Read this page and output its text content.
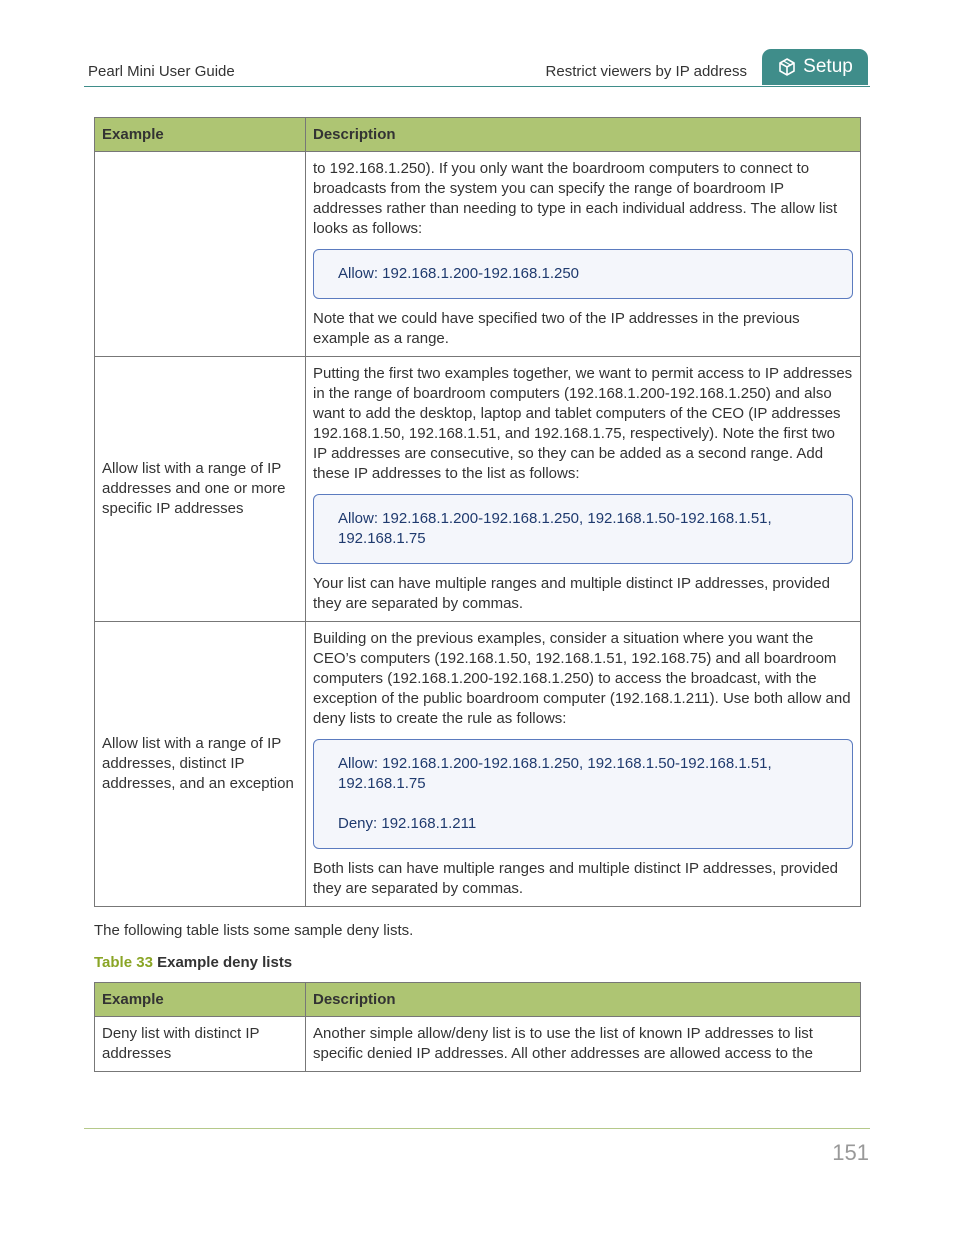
Pearl Mini User Guide	Restrict viewers by IP address	Setup
Example	Description

	to 192.168.1.250). If you only want the boardroom computers to connect to broadcasts from the system you can specify the range of boardroom IP addresses rather than needing to type in each individual address. The allow list looks as follows:

Allow: 192.168.1.200-192.168.1.250

Note that we could have specified two of the IP addresses in the previous example as a range.

Allow list with a range of IP addresses and one or more specific IP addresses	Putting the first two examples together, we want to permit access to IP addresses in the range of boardroom computers (192.168.1.200-192.168.1.250) and also want to add the desktop, laptop and tablet computers of the CEO (IP addresses 192.168.1.50, 192.168.1.51, and 192.168.1.75, respectively). Note the first two IP addresses are consecutive, so they can be added as a second range. Add these IP addresses to the list as follows:

Allow: 192.168.1.200-192.168.1.250, 192.168.1.50-192.168.1.51, 192.168.1.75

Your list can have multiple ranges and multiple distinct IP addresses, provided they are separated by commas.

Allow list with a range of IP addresses, distinct IP addresses, and an exception	Building on the previous examples, consider a situation where you want the CEO’s computers (192.168.1.50, 192.168.1.51, 192.168.75) and all boardroom computers (192.168.1.200-192.168.1.250) to access the broadcast, with the exception of the public boardroom computer (192.168.1.211). Use both allow and deny lists to create the rule as follows:

Allow: 192.168.1.200-192.168.1.250, 192.168.1.50-192.168.1.51, 192.168.1.75
Deny: 192.168.1.211

Both lists can have multiple ranges and multiple distinct IP addresses, provided they are separated by commas.

The following table lists some sample deny lists.
Table 33 Example deny lists
Example	Description
Deny list with distinct IP addresses	Another simple allow/deny list is to use the list of known IP addresses to list specific denied IP addresses. All other addresses are allowed access to the
151
